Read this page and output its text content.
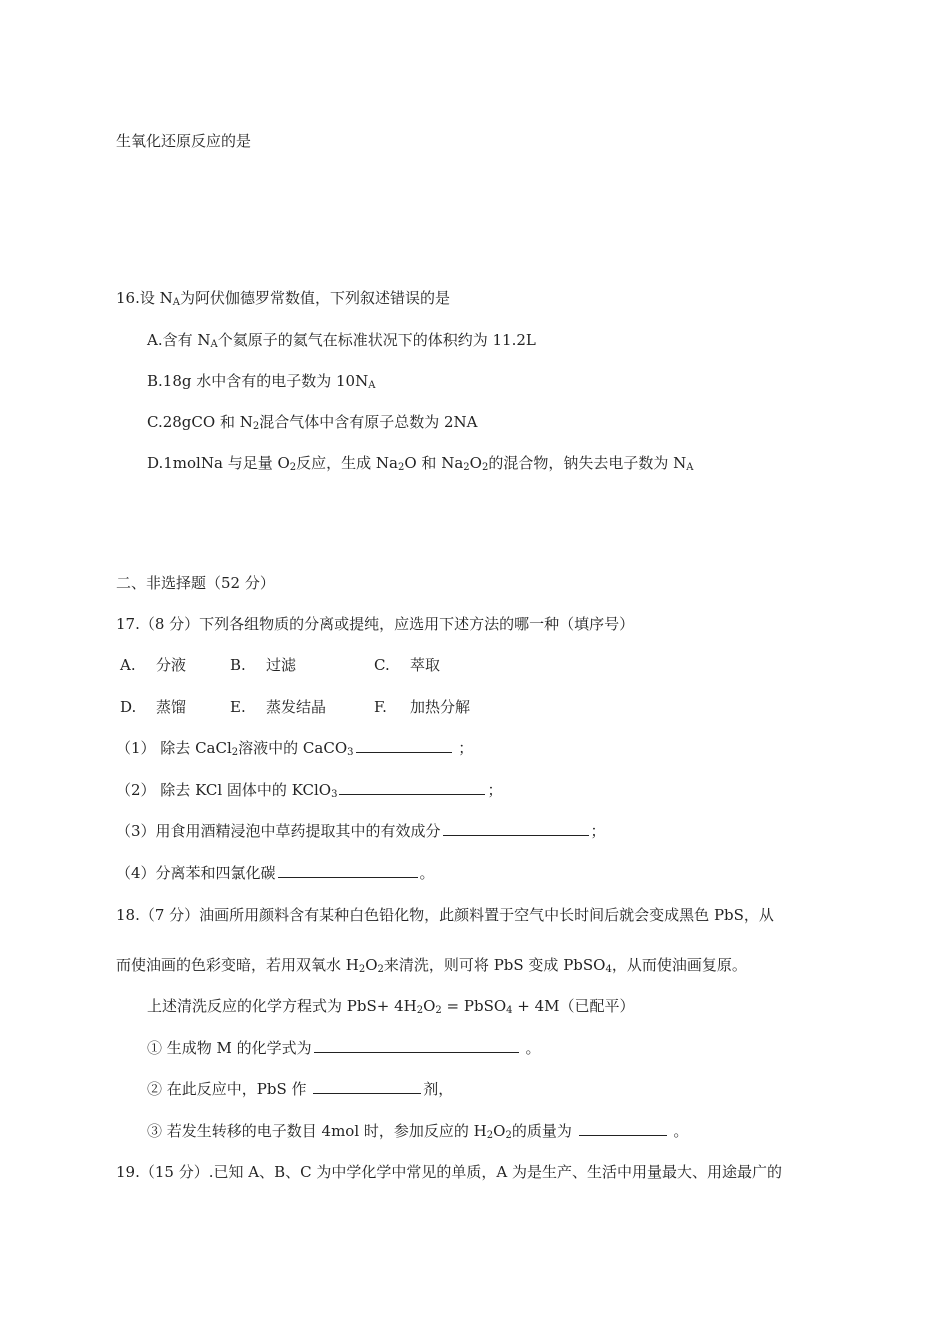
生氧化还原反应的是
16.设 $N_A$为阿伏伽德罗常数值，下列叙述错误的是
A.含有 $N_A$个氦原子的氦气在标准状况下的体积约为 11.2L
B.18g 水中含有的电子数为 $10N_A$
C.28gCO 和 $N_2$混合气体中含有原子总数为 2NA
D.1molNa 与足量 $O_2$反应，生成 $Na_2O$ 和 $Na_2O_2$的混合物，钠失去电子数为 $N_A$
二、非选择题（52 分）
17.（8 分）下列各组物质的分离或提纯，应选用下述方法的哪一种（填序号）
A. 分液	B. 过滤	C. 萃取
D. 蒸馏	E. 蒸发结晶	F. 加热分解
（1） 除去 CaCl$_2$溶液中的 CaCO$_3$	；
（2） 除去 KCl 固体中的 KClO$_3$	；
（3）用食用酒精浸泡中草药提取其中的有效成分	；
（4）分离苯和四氯化碳	。
18.（7 分）油画所用颜料含有某种白色铅化物，此颜料置于空气中长时间后就会变成黑色 PbS，从
而使油画的色彩变暗，若用双氧水 $H_2O_2$来清洗，则可将 PbS 变成 PbSO$_4$，从而使油画复原。
上述清洗反应的化学方程式为 $PbS+ 4H_2O_2$ = PbSO$_4$ + 4M（已配平）
① 生成物 M 的化学式为	。
② 在此反应中，PbS 作	剂，
③ 若发生转移的电子数目 4mol 时，参加反应的 $H_2O_2$的质量为	。
19.（15 分）.已知 A、B、C 为中学化学中常见的单质，A 为是生产、生活中用量最大、用途最广的
